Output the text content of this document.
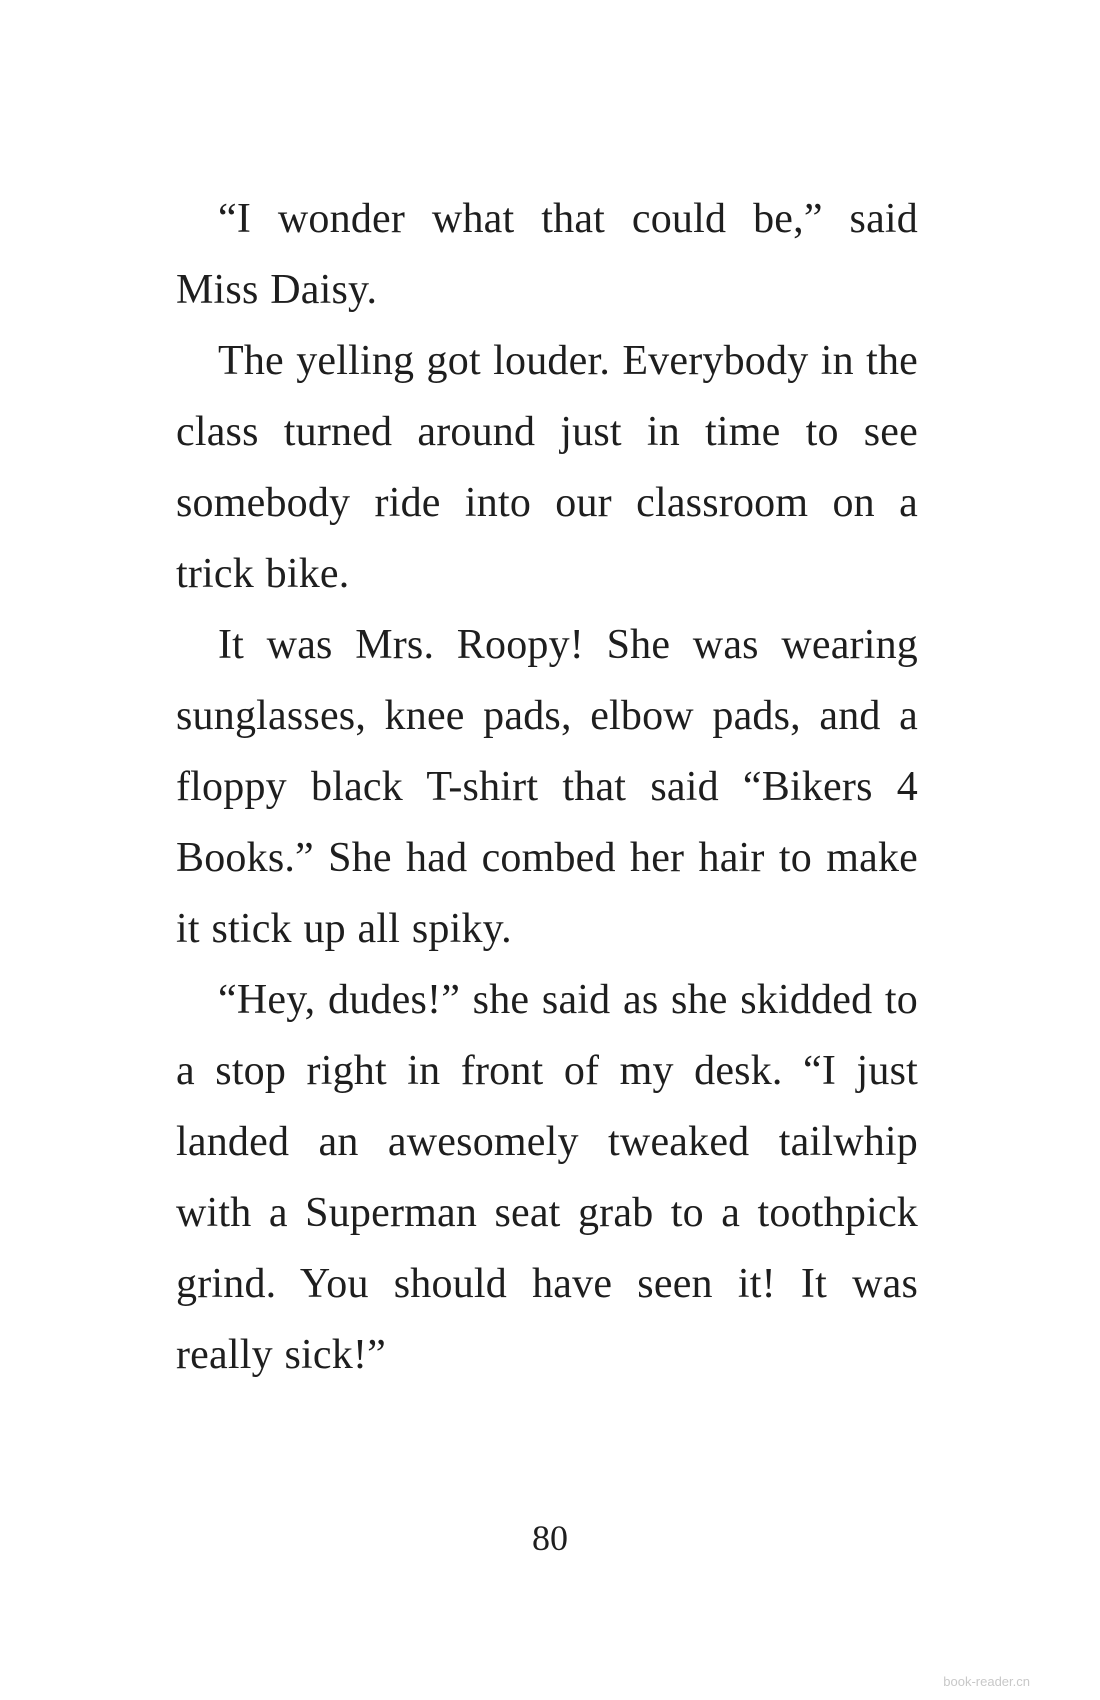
“I wonder what that could be,” said Miss Daisy.

The yelling got louder. Everybody in the class turned around just in time to see somebody ride into our classroom on a trick bike.

It was Mrs. Roopy! She was wearing sunglasses, knee pads, elbow pads, and a floppy black T-shirt that said “Bikers 4 Books.” She had combed her hair to make it stick up all spiky.

“Hey, dudes!” she said as she skidded to a stop right in front of my desk. “I just landed an awesomely tweaked tailwhip with a Superman seat grab to a toothpick grind. You should have seen it! It was really sick!”

80
book-reader.cn
